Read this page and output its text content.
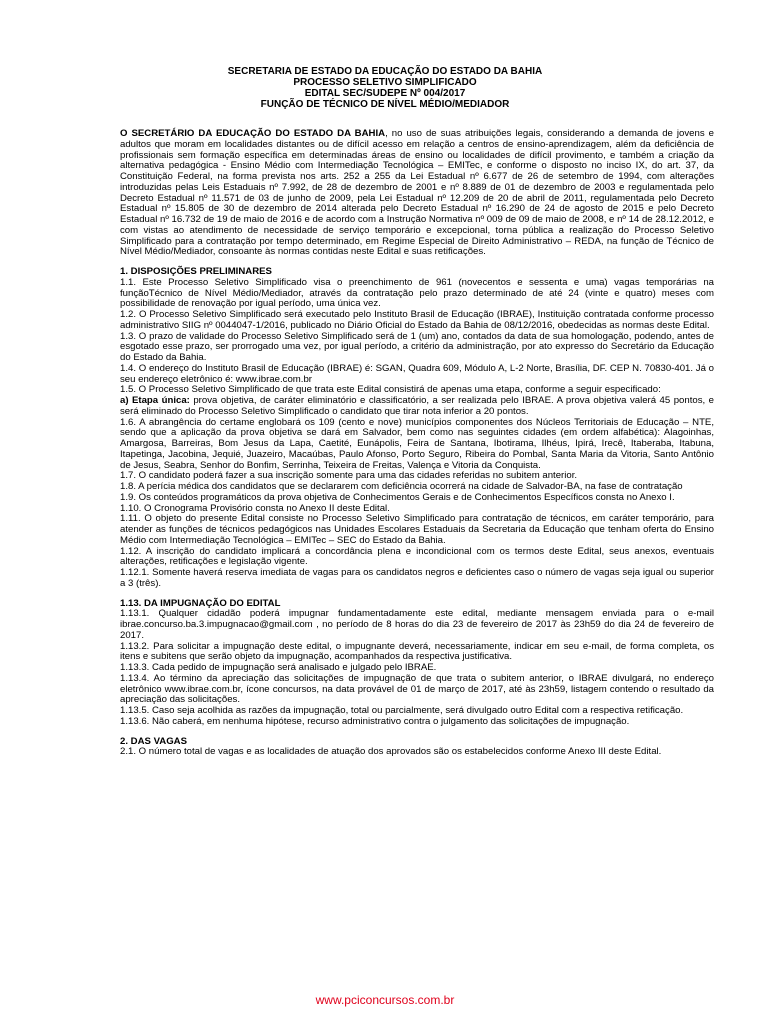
SECRETARIA DE ESTADO DA EDUCAÇÃO DO ESTADO DA BAHIA
PROCESSO SELETIVO SIMPLIFICADO
EDITAL SEC/SUDEPE Nº 004/2017
FUNÇÃO DE TÉCNICO DE NÍVEL MÉDIO/MEDIADOR

O SECRETÁRIO DA EDUCAÇÃO DO ESTADO DA BAHIA, no uso de suas atribuições legais, considerando a demanda de jovens e adultos que moram em localidades distantes ou de difícil acesso em relação a centros de ensino-aprendizagem, além da deficiência de profissionais sem formação específica em determinadas áreas de ensino ou localidades de difícil provimento, e também a criação da alternativa pedagógica - Ensino Médio com Intermediação Tecnológica – EMITec, e conforme o disposto no inciso IX, do art. 37, da Constituição Federal, na forma prevista nos arts. 252 a 255 da Lei Estadual nº 6.677 de 26 de setembro de 1994, com alterações introduzidas pelas Leis Estaduais nº 7.992, de 28 de dezembro de 2001 e nº 8.889 de 01 de dezembro de 2003 e regulamentada pelo Decreto Estadual nº 11.571 de 03 de junho de 2009, pela Lei Estadual nº 12.209 de 20 de abril de 2011, regulamentada pelo Decreto Estadual nº 15.805 de 30 de dezembro de 2014 alterada pelo Decreto Estadual nº 16.290 de 24 de agosto de 2015 e pelo Decreto Estadual nº 16.732 de 19 de maio de 2016 e de acordo com a Instrução Normativa nº 009 de 09 de maio de 2008, e nº 14 de 28.12.2012, e com vistas ao atendimento de necessidade de serviço temporário e excepcional, torna pública a realização do Processo Seletivo Simplificado para a contratação por tempo determinado, em Regime Especial de Direito Administrativo – REDA, na função de Técnico de Nível Médio/Mediador, consoante às normas contidas neste Edital e suas retificações.

1. DISPOSIÇÕES PRELIMINARES

1.1. Este Processo Seletivo Simplificado visa o preenchimento de 961 (novecentos e sessenta e uma) vagas temporárias na funçãoTécnico de Nível Médio/Mediador, através da contratação pelo prazo determinado de até 24 (vinte e quatro) meses com possibilidade de renovação por igual período, uma única vez.

1.2. O Processo Seletivo Simplificado será executado pelo Instituto Brasil de Educação (IBRAE), Instituição contratada conforme processo administrativo SIIG nº 0044047-1/2016, publicado no Diário Oficial do Estado da Bahia de 08/12/2016, obedecidas as normas deste Edital.

1.3. O prazo de validade do Processo Seletivo Simplificado será de 1 (um) ano, contados da data de sua homologação, podendo, antes de esgotado esse prazo, ser prorrogado uma vez, por igual período, a critério da administração, por ato expresso do Secretário da Educação do Estado da Bahia.

1.4. O endereço do Instituto Brasil de Educação (IBRAE) é: SGAN, Quadra 609, Módulo A, L-2 Norte, Brasília, DF. CEP N. 70830-401. Já o seu endereço eletrônico é: www.ibrae.com.br

1.5. O Processo Seletivo Simplificado de que trata este Edital consistirá de apenas uma etapa, conforme a seguir especificado:

a) Etapa única: prova objetiva, de caráter eliminatório e classificatório, a ser realizada pelo IBRAE. A prova objetiva valerá 45 pontos, e será eliminado do Processo Seletivo Simplificado o candidato que tirar nota inferior a 20 pontos.

1.6. A abrangência do certame englobará os 109 (cento e nove) municípios componentes dos Núcleos Territoriais de Educação – NTE, sendo que a aplicação da prova objetiva se dará em Salvador, bem como nas seguintes cidades (em ordem alfabética): Alagoinhas, Amargosa, Barreiras, Bom Jesus da Lapa, Caetité, Eunápolis, Feira de Santana, Ibotirama, Ilhéus, Ipirá, Irecê, Itaberaba, Itabuna, Itapetinga, Jacobina, Jequié, Juazeiro, Macaúbas, Paulo Afonso, Porto Seguro, Ribeira do Pombal, Santa Maria da Vitoria, Santo Antônio de Jesus, Seabra, Senhor do Bonfim, Serrinha, Teixeira de Freitas, Valença e Vitoria da Conquista.

1.7. O candidato poderá fazer a sua inscrição somente para uma das cidades referidas no subitem anterior.

1.8. A perícia médica dos candidatos que se declararem com deficiência ocorrerá na cidade de Salvador-BA, na fase de contratação

1.9. Os conteúdos programáticos da prova objetiva de Conhecimentos Gerais e de Conhecimentos Específicos consta no Anexo I.

1.10. O Cronograma Provisório consta no Anexo II deste Edital.

1.11. O objeto do presente Edital consiste no Processo Seletivo Simplificado para contratação de técnicos, em caráter temporário, para atender as funções de técnicos pedagógicos nas Unidades Escolares Estaduais da Secretaria da Educação que tenham oferta do Ensino Médio com Intermediação Tecnológica – EMITec – SEC do Estado da Bahia.

1.12. A inscrição do candidato implicará a concordância plena e incondicional com os termos deste Edital, seus anexos, eventuais alterações, retificações e legislação vigente.

1.12.1. Somente haverá reserva imediata de vagas para os candidatos negros e deficientes caso o número de vagas seja igual ou superior a 3 (três).

1.13. DA IMPUGNAÇÃO DO EDITAL

1.13.1. Qualquer cidadão poderá impugnar fundamentadamente este edital, mediante mensagem enviada para o e-mail ibrae.concurso.ba.3.impugnacao@gmail.com , no período de 8 horas do dia 23 de fevereiro de 2017 às 23h59 do dia 24 de fevereiro de 2017.

1.13.2. Para solicitar a impugnação deste edital, o impugnante deverá, necessariamente, indicar em seu e-mail, de forma completa, os itens e subitens que serão objeto da impugnação, acompanhados da respectiva justificativa.

1.13.3. Cada pedido de impugnação será analisado e julgado pelo IBRAE.

1.13.4. Ao término da apreciação das solicitações de impugnação de que trata o subitem anterior, o IBRAE divulgará, no endereço eletrônico www.ibrae.com.br, ícone concursos, na data provável de 01 de março de 2017, até às 23h59, listagem contendo o resultado da apreciação das solicitações.

1.13.5. Caso seja acolhida as razões da impugnação, total ou parcialmente, será divulgado outro Edital com a respectiva retificação.

1.13.6. Não caberá, em nenhuma hipótese, recurso administrativo contra o julgamento das solicitações de impugnação.

2. DAS VAGAS

2.1. O número total de vagas e as localidades de atuação dos aprovados são os estabelecidos conforme Anexo III deste Edital.

www.pciconcursos.com.br
